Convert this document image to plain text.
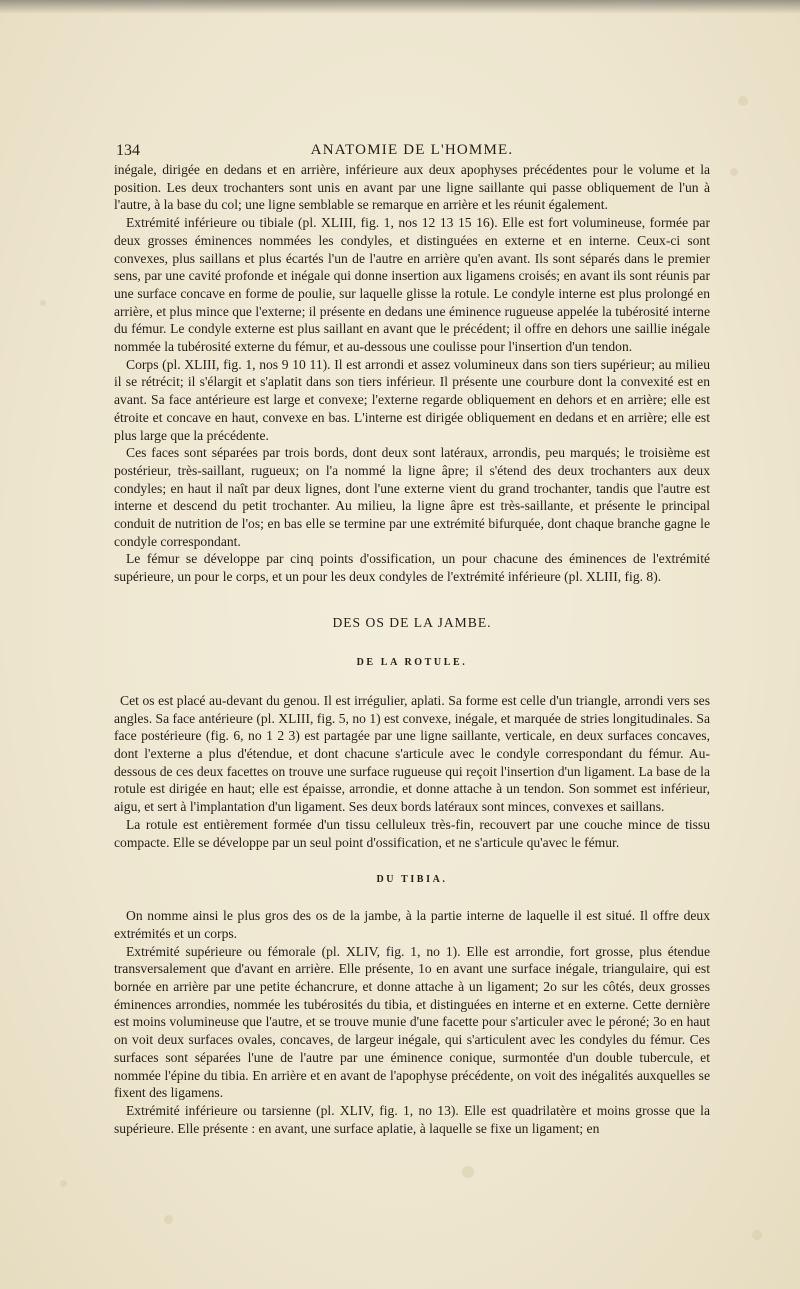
134	ANATOMIE DE L'HOMME.

inégale, dirigée en dedans et en arrière, inférieure aux deux apophyses précédentes pour le volume et la position. Les deux trochanters sont unis en avant par une ligne saillante qui passe obliquement de l'un à l'autre, à la base du col; une ligne semblable se remarque en arrière et les réunit également.

Extrémité inférieure ou tibiale (pl. XLIII, fig. 1, nos 12 13 15 16). Elle est fort volumineuse, formée par deux grosses éminences nommées les condyles, et distinguées en externe et en interne. Ceux-ci sont convexes, plus saillans et plus écartés l'un de l'autre en arrière qu'en avant. Ils sont séparés dans le premier sens, par une cavité profonde et inégale qui donne insertion aux ligamens croisés; en avant ils sont réunis par une surface concave en forme de poulie, sur laquelle glisse la rotule. Le condyle interne est plus prolongé en arrière, et plus mince que l'externe; il présente en dedans une éminence rugueuse appelée la tubérosité interne du fémur. Le condyle externe est plus saillant en avant que le précédent; il offre en dehors une saillie inégale nommée la tubérosité externe du fémur, et au-dessous une coulisse pour l'insertion d'un tendon.

Corps (pl. XLIII, fig. 1, nos 9 10 11). Il est arrondi et assez volumineux dans son tiers supérieur; au milieu il se rétrécit; il s'élargit et s'aplatit dans son tiers inférieur. Il présente une courbure dont la convexité est en avant. Sa face antérieure est large et convexe; l'externe regarde obliquement en dehors et en arrière; elle est étroite et concave en haut, convexe en bas. L'interne est dirigée obliquement en dedans et en arrière; elle est plus large que la précédente.

Ces faces sont séparées par trois bords, dont deux sont latéraux, arrondis, peu marqués; le troisième est postérieur, très-saillant, rugueux; on l'a nommé la ligne âpre; il s'étend des deux trochanters aux deux condyles; en haut il naît par deux lignes, dont l'une externe vient du grand trochanter, tandis que l'autre est interne et descend du petit trochanter. Au milieu, la ligne âpre est très-saillante, et présente le principal conduit de nutrition de l'os; en bas elle se termine par une extrémité bifurquée, dont chaque branche gagne le condyle correspondant.

Le fémur se développe par cinq points d'ossification, un pour chacune des éminences de l'extrémité supérieure, un pour le corps, et un pour les deux condyles de l'extrémité inférieure (pl. XLIII, fig. 8).

DES OS DE LA JAMBE.
DE LA ROTULE.

Cet os est placé au-devant du genou. Il est irrégulier, aplati. Sa forme est celle d'un triangle, arrondi vers ses angles. Sa face antérieure (pl. XLIII, fig. 5, no 1) est convexe, inégale, et marquée de stries longitudinales. Sa face postérieure (fig. 6, no 1 2 3) est partagée par une ligne saillante, verticale, en deux surfaces concaves, dont l'externe a plus d'étendue, et dont chacune s'articule avec le condyle correspondant du fémur. Au-dessous de ces deux facettes on trouve une surface rugueuse qui reçoit l'insertion d'un ligament. La base de la rotule est dirigée en haut; elle est épaisse, arrondie, et donne attache à un tendon. Son sommet est inférieur, aigu, et sert à l'implantation d'un ligament. Ses deux bords latéraux sont minces, convexes et saillans.

La rotule est entièrement formée d'un tissu celluleux très-fin, recouvert par une couche mince de tissu compacte. Elle se développe par un seul point d'ossification, et ne s'articule qu'avec le fémur.

DU TIBIA.

On nomme ainsi le plus gros des os de la jambe, à la partie interne de laquelle il est situé. Il offre deux extrémités et un corps.

Extrémité supérieure ou fémorale (pl. XLIV, fig. 1, no 1). Elle est arrondie, fort grosse, plus étendue transversalement que d'avant en arrière. Elle présente, 1o en avant une surface inégale, triangulaire, qui est bornée en arrière par une petite échancrure, et donne attache à un ligament; 2o sur les côtés, deux grosses éminences arrondies, nommée les tubérosités du tibia, et distinguées en interne et en externe. Cette dernière est moins volumineuse que l'autre, et se trouve munie d'une facette pour s'articuler avec le péroné; 3o en haut on voit deux surfaces ovales, concaves, de largeur inégale, qui s'articulent avec les condyles du fémur. Ces surfaces sont séparées l'une de l'autre par une éminence conique, surmontée d'un double tubercule, et nommée l'épine du tibia. En arrière et en avant de l'apophyse précédente, on voit des inégalités auxquelles se fixent des ligamens.

Extrémité inférieure ou tarsienne (pl. XLIV, fig. 1, no 13). Elle est quadrilatère et moins grosse que la supérieure. Elle présente : en avant, une surface aplatie, à laquelle se fixe un ligament; en
